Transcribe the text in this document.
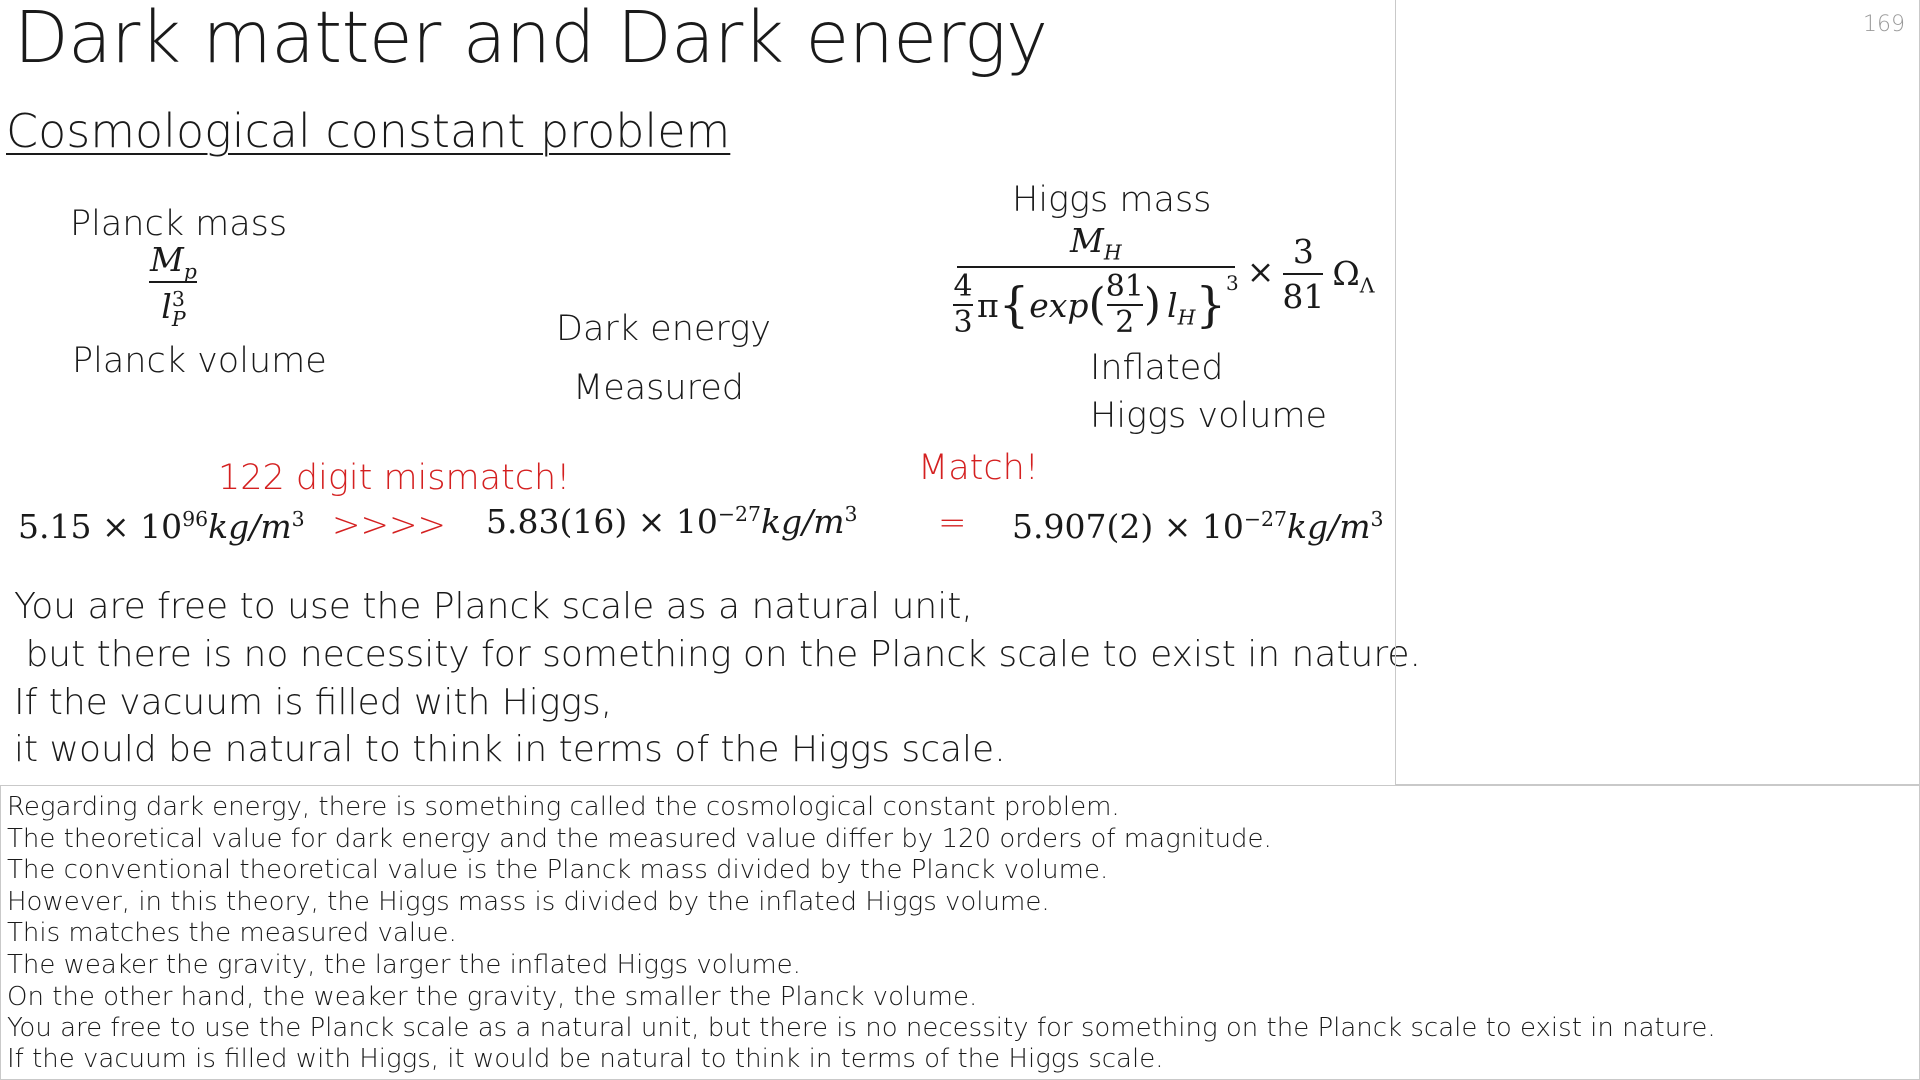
Dark matter and Dark energy
Cosmological constant problem
Planck mass
$M_p$
l 3
P
Planck volume
Dark energy
Measured
Higgs mass
$M_H$
4
3 π { exp ( 81
2 ) $l_H$ }$^3$ ×
3
81
$\Omega_\Lambda$
Inflated
Higgs volume
122 digit mismatch!	Match!
$5.15 \times 10^{96}kg/m^3$ >>>> $5.83(16) \times 10^{-27}kg/m^3 = 5.907(2) \times 10^{-27}kg/m^3$
You are free to use the Planck scale as a natural unit,
but there is no necessity for something on the Planck scale to exist in nature.
If the vacuum is filled with Higgs,
it would be natural to think in terms of the Higgs scale.
169
Regarding dark energy, there is something called the cosmological constant problem.
The theoretical value for dark energy and the measured value differ by 120 orders of magnitude.
The conventional theoretical value is the Planck mass divided by the Planck volume.
However, in this theory, the Higgs mass is divided by the inflated Higgs volume.
This matches the measured value.
The weaker the gravity, the larger the inflated Higgs volume.
On the other hand, the weaker the gravity, the smaller the Planck volume.
You are free to use the Planck scale as a natural unit, but there is no necessity for something on the Planck scale to exist in nature.
If the vacuum is filled with Higgs, it would be natural to think in terms of the Higgs scale.
